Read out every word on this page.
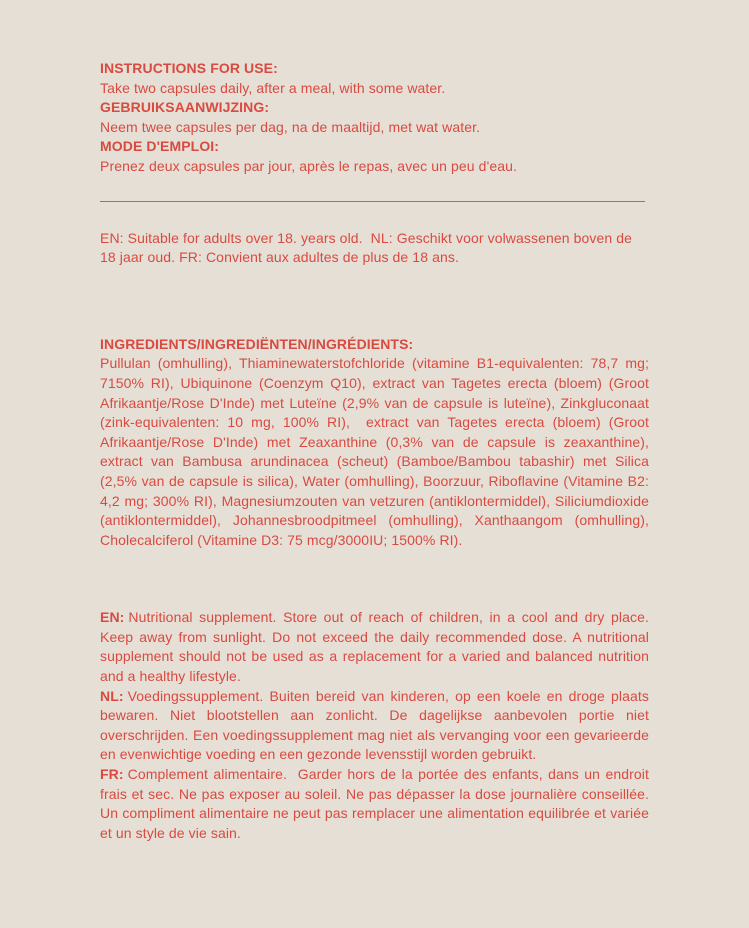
INSTRUCTIONS FOR USE:
Take two capsules daily, after a meal, with some water.
GEBRUIKSAANWIJZING:
Neem twee capsules per dag, na de maaltijd, met wat water.
MODE D'EMPLOI:
Prenez deux capsules par jour, après le repas, avec un peu d'eau.

EN: Suitable for adults over 18. years old.  NL: Geschikt voor volwassenen boven de 18 jaar oud. FR: Convient aux adultes de plus de 18 ans.

INGREDIENTS/INGREDIËNTEN/INGRÉDIENTS:

Pullulan (omhulling), Thiaminewaterstofchloride (vitamine B1-equivalenten: 78,7 mg; 7150% RI), Ubiquinone (Coenzym Q10), extract van Tagetes erecta (bloem) (Groot Afrikaantje/Rose D'Inde) met Luteïne (2,9% van de capsule is luteïne), Zinkgluconaat (zink-equivalenten: 10 mg, 100% RI),  extract van Tagetes erecta (bloem) (Groot Afrikaantje/Rose D'Inde) met Zeaxanthine (0,3% van de capsule is zeaxanthine), extract van Bambusa arundinacea (scheut) (Bamboe/Bambou tabashir) met Silica (2,5% van de capsule is silica), Water (omhulling), Boorzuur, Riboflavine (Vitamine B2: 4,2 mg; 300% RI), Magnesiumzouten van vetzuren (antiklontermiddel), Siliciumdioxide (antiklontermiddel), Johannesbroodpitmeel (omhulling), Xanthaangom (omhulling), Cholecalciferol (Vitamine D3: 75 mcg/3000IU; 1500% RI).

EN: Nutritional supplement. Store out of reach of children, in a cool and dry place. Keep away from sunlight. Do not exceed the daily recommended dose. A nutritional supplement should not be used as a replacement for a varied and balanced nutrition and a healthy lifestyle.

NL: Voedingssupplement. Buiten bereid van kinderen, op een koele en droge plaats bewaren. Niet blootstellen aan zonlicht. De dagelijkse aanbevolen portie niet overschrijden. Een voedingssupplement mag niet als vervanging voor een gevarieerde en evenwichtige voeding en een gezonde levensstijl worden gebruikt.

FR: Complement alimentaire.  Garder hors de la portée des enfants, dans un endroit frais et sec. Ne pas exposer au soleil. Ne pas dépasser la dose journalière conseillée. Un compliment alimentaire ne peut pas remplacer une alimentation equilibrée et variée et un style de vie sain.
